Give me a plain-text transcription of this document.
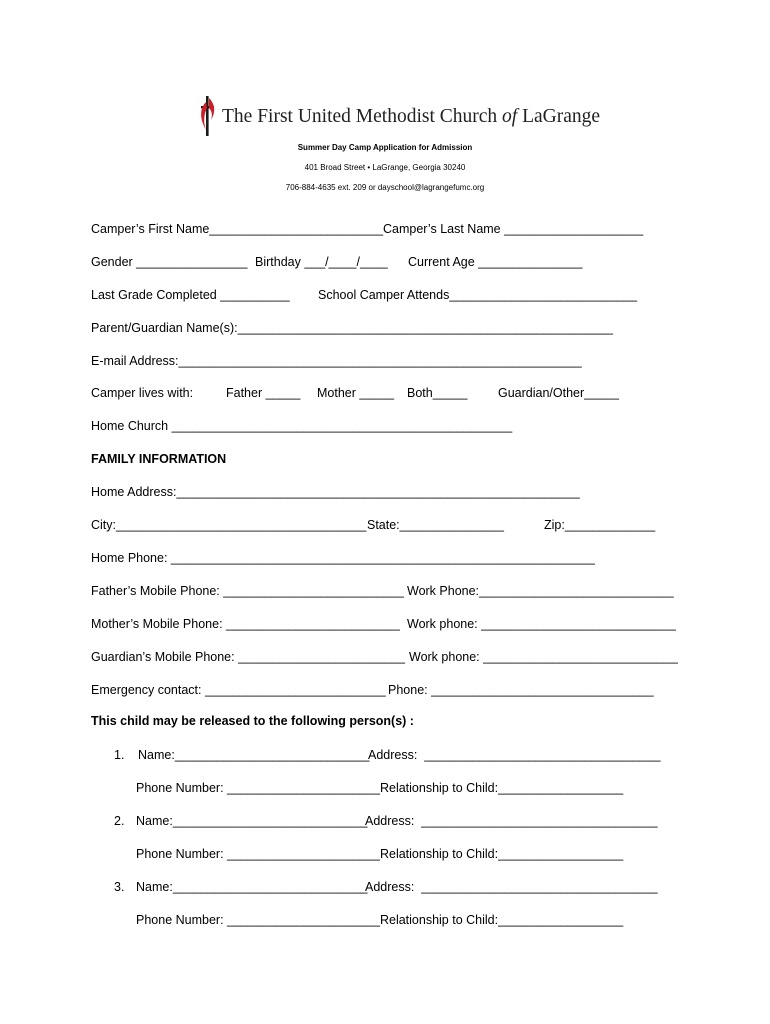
The First United Methodist Church of LaGrange
Summer Day Camp Application for Admission
401 Broad Street • LaGrange, Georgia 30240
706-884-4635 ext. 209 or dayschool@lagrangefumc.org
Camper’s First Name_________________________ Camper’s Last Name ____________________
Gender ________________ Birthday ___/____/____ Current Age _______________
Last Grade Completed __________ School Camper Attends___________________________
Parent/Guardian Name(s):______________________________________________________
E-mail Address:__________________________________________________________
Camper lives with:	Father _____ Mother _____ Both_____ Guardian/Other_____
Home Church _________________________________________________
FAMILY INFORMATION
Home Address:__________________________________________________________
City:____________________________________ State:_______________	Zip:_____________
Home Phone: _____________________________________________________________
Father’s Mobile Phone: __________________________ Work Phone:____________________________
Mother’s Mobile Phone: _________________________ Work phone: ____________________________
Guardian’s Mobile Phone: ________________________ Work phone: ____________________________
Emergency contact: __________________________ Phone: ________________________________
This child may be released to the following person(s) :
1. Name:____________________________
Address:  __________________________________
Phone Number: ______________________Relationship to Child:__________________
2. Name:____________________________
Address:  __________________________________
Phone Number: ______________________Relationship to Child:__________________
3. Name:____________________________
Address:  __________________________________
Phone Number: ______________________Relationship to Child:__________________
